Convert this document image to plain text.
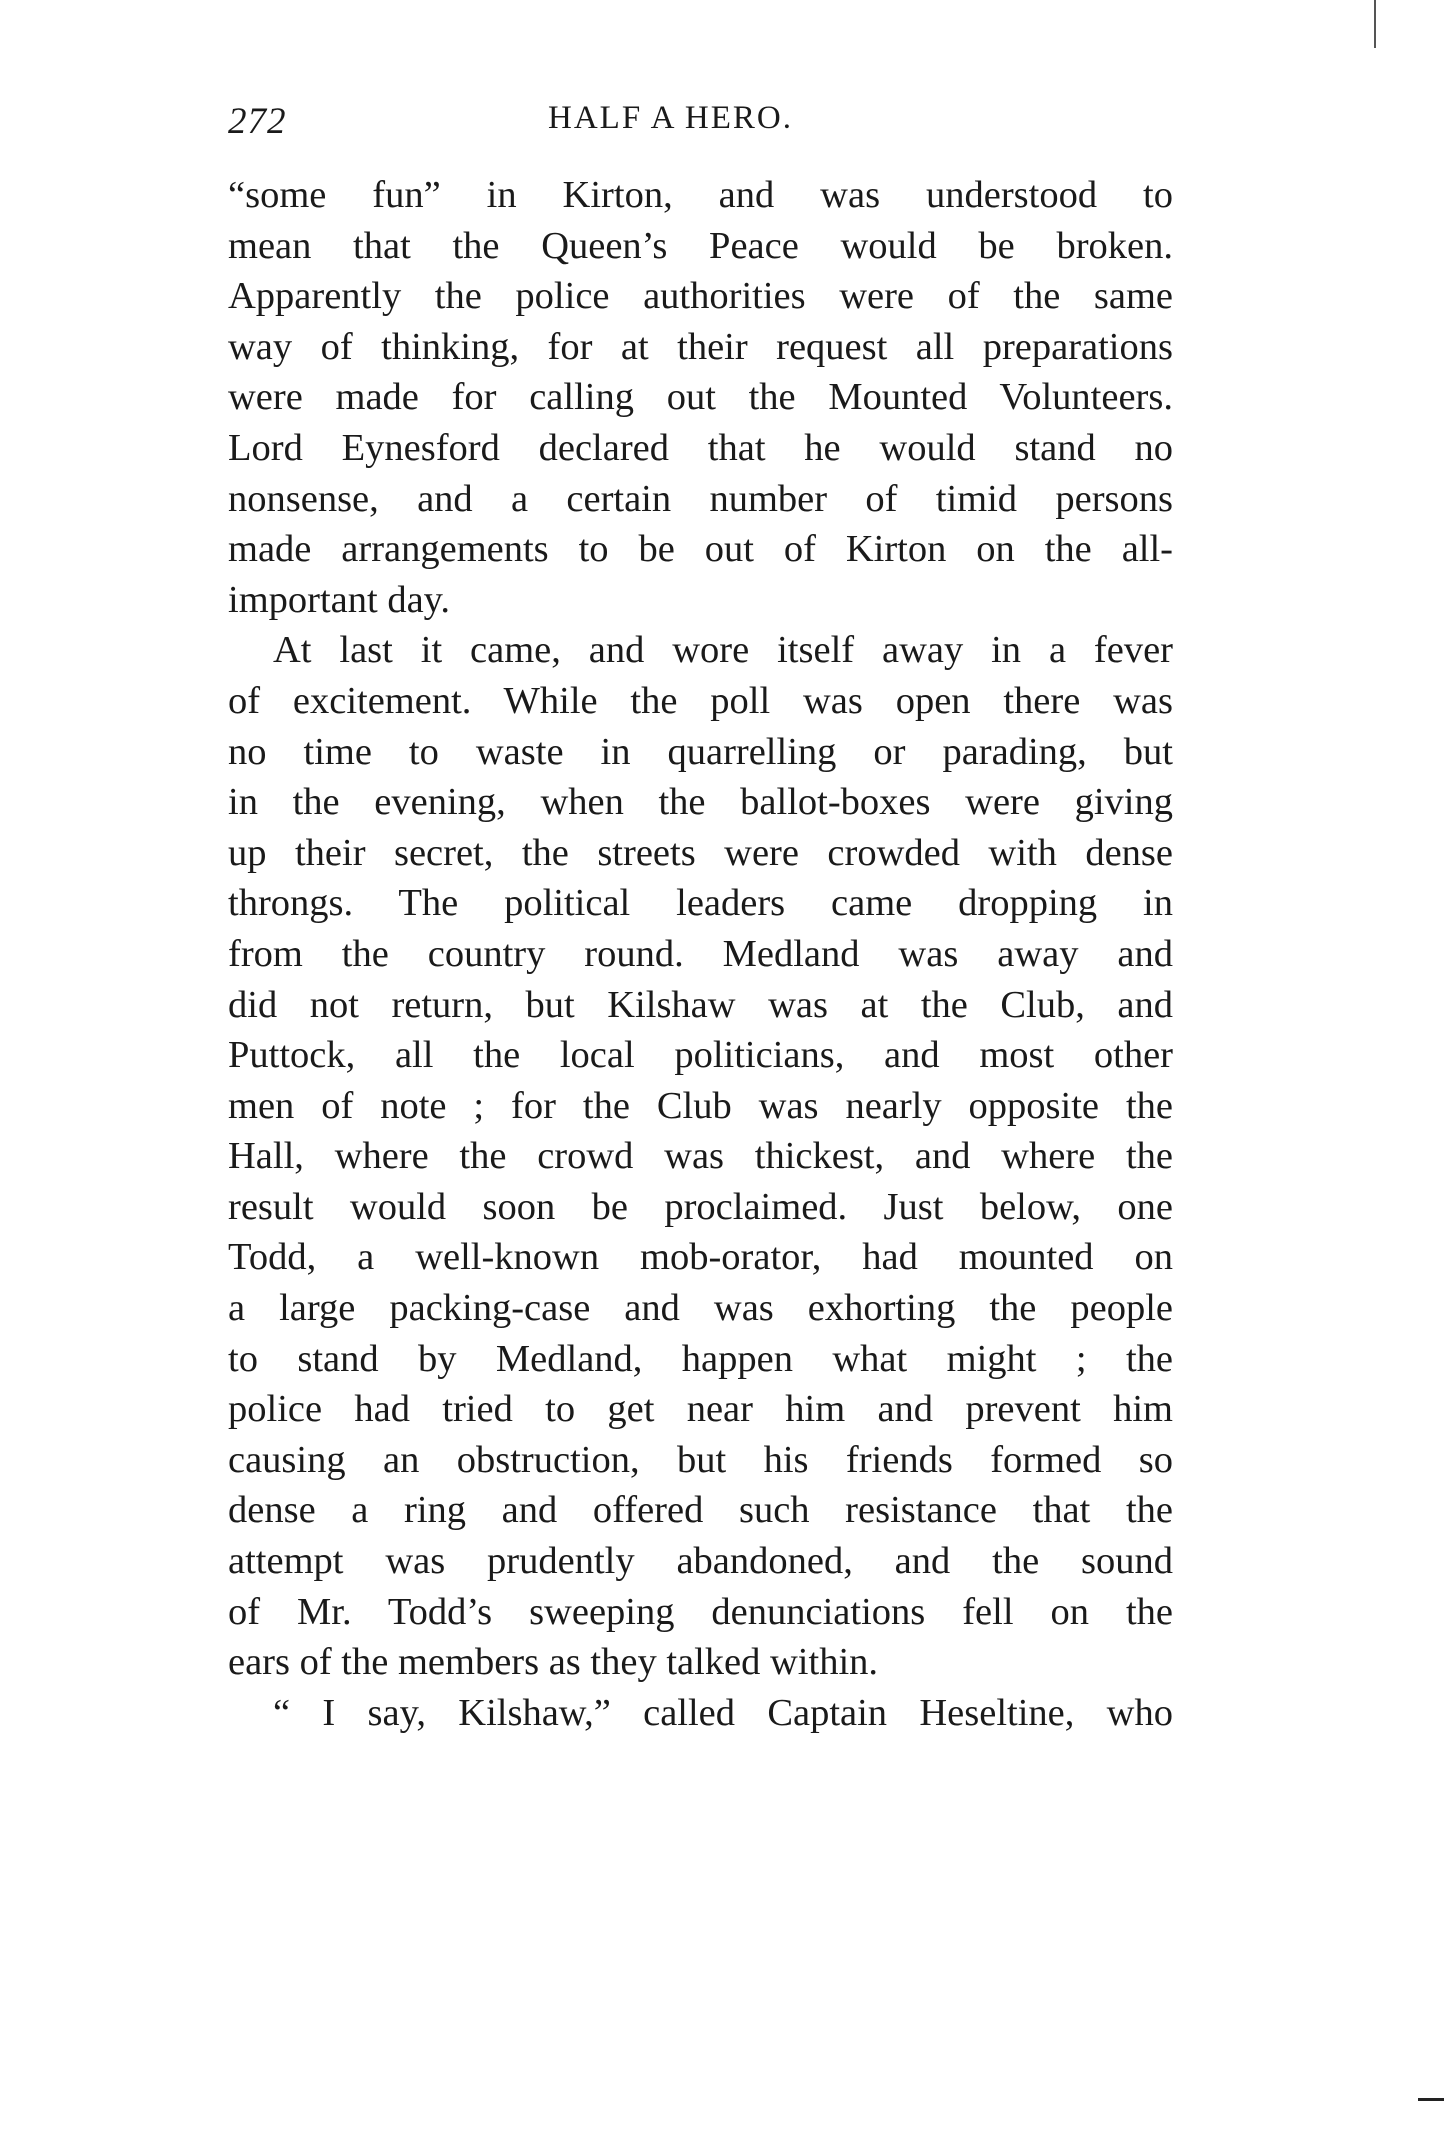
272	HALF A HERO.
“some fun” in Kirton, and was understood to
mean that the Queen’s Peace would be broken.
Apparently the police authorities were of the same
way of thinking, for at their request all preparations
were made for calling out the Mounted Volunteers.
Lord Eynesford declared that he would stand no
nonsense, and a certain number of timid persons
made arrangements to be out of Kirton on the all-
important day.
At last it came, and wore itself away in a fever
of excitement. While the poll was open there was
no time to waste in quarrelling or parading, but
in the evening, when the ballot-boxes were giving
up their secret, the streets were crowded with dense
throngs. The political leaders came dropping in
from the country round. Medland was away and
did not return, but Kilshaw was at the Club, and
Puttock, all the local politicians, and most other
men of note ; for the Club was nearly opposite the
Hall, where the crowd was thickest, and where the
result would soon be proclaimed. Just below, one
Todd, a well-known mob-orator, had mounted on
a large packing-case and was exhorting the people
to stand by Medland, happen what might ; the
police had tried to get near him and prevent him
causing an obstruction, but his friends formed so
dense a ring and offered such resistance that the
attempt was prudently abandoned, and the sound
of Mr. Todd’s sweeping denunciations fell on the
ears of the members as they talked within.
“ I say, Kilshaw,” called Captain Heseltine, who
